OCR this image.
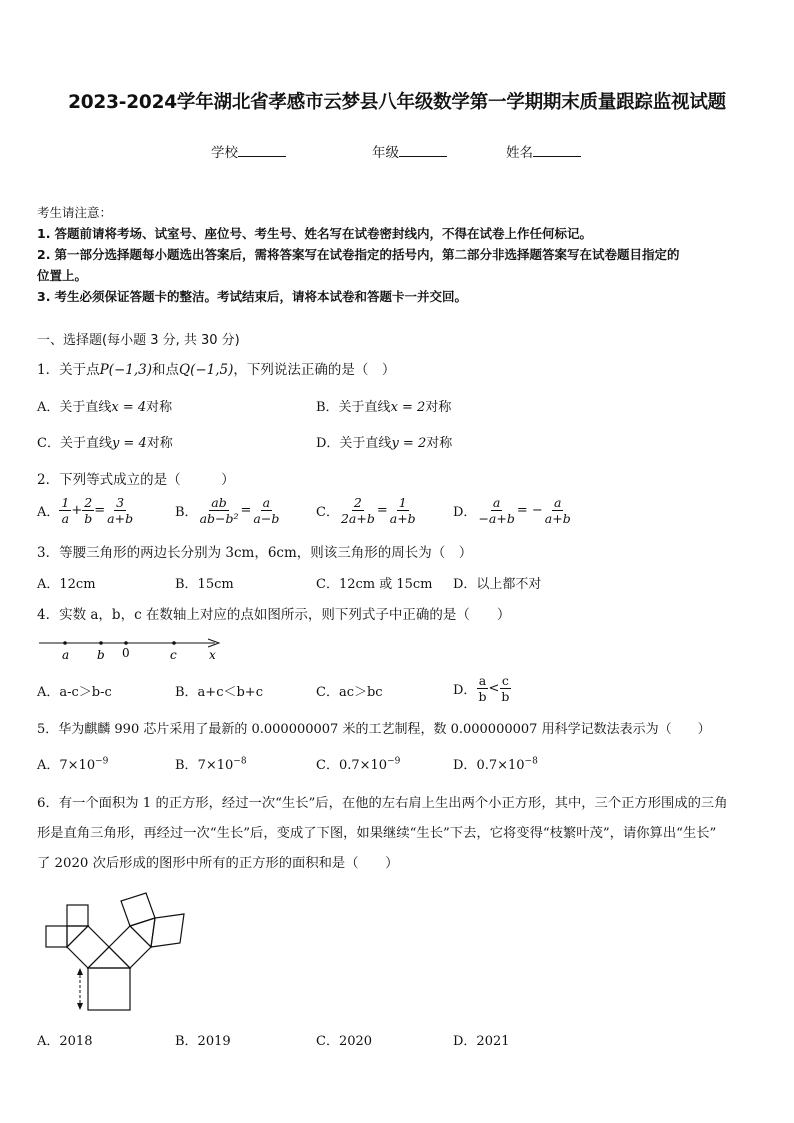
2023-2024学年湖北省孝感市云梦县八年级数学第一学期期末质量跟踪监视试题
学校	年级	姓名
考生请注意：
1. 答题前请将考场、试室号、座位号、考生号、姓名写在试卷密封线内，不得在试卷上作任何标记。
2. 第一部分选择题每小题选出答案后，需将答案写在试卷指定的括号内，第二部分非选择题答案写在试卷题目指定的
位置上。
3. 考生必须保证答题卡的整洁。考试结束后，请将本试卷和答题卡一并交回。
一、选择题(每小题 3 分, 共 30 分)
1．关于点P(−1,3)和点Q(−1,5)，下列说法正确的是（　）
A．关于直线x = 4对称	B．关于直线x = 2对称
C．关于直线y = 4对称	D．关于直线y = 2对称
2．下列等式成立的是（　　　）
A． $\frac{1}{a} + \frac{2}{b} = \frac{3}{a+b}$	B． $\frac{ab}{\text{ab−b²}} = \frac{a}{a-b}$	C． $\frac{2}{2a+b} = \frac{1}{a+b}$	D． $\frac{a}{-a+b}$ = − $\frac{a}{a+b}$
3．等腰三角形的两边长分别为 3cm，6cm，则该三角形的周长为（　）
A．12cm	B．15cm	C．12cm 或 15cm D．以上都不对
4．实数 a，b，c 在数轴上对应的点如图所示，则下列式子中正确的是（　　）
a b 0	c	x
A．a-c＞b-c	B．a+c＜b+c	C．ac＞bc	D． $\frac{a}{b} < \frac{c}{b}$
5．华为麒麟 990 芯片采用了最新的 0.000000007 米的工艺制程，数 0.000000007 用科学记数法表示为（　　）
A．$7\times 10^{-9}$	B．$7\times 10^{-8}$	C．$0.7\times 10^{-9}$	D．$0.7\times 10^{-8}$
6．有一个面积为 1 的正方形，经过一次“生长”后，在他的左右肩上生出两个小正方形，其中，三个正方形围成的三角
形是直角三角形，再经过一次“生长”后，变成了下图，如果继续“生长”下去，它将变得“枝繁叶茂”，请你算出“生长”
了 2020 次后形成的图形中所有的正方形的面积和是（　　）
A．2018	B．2019	C．2020	D．2021
